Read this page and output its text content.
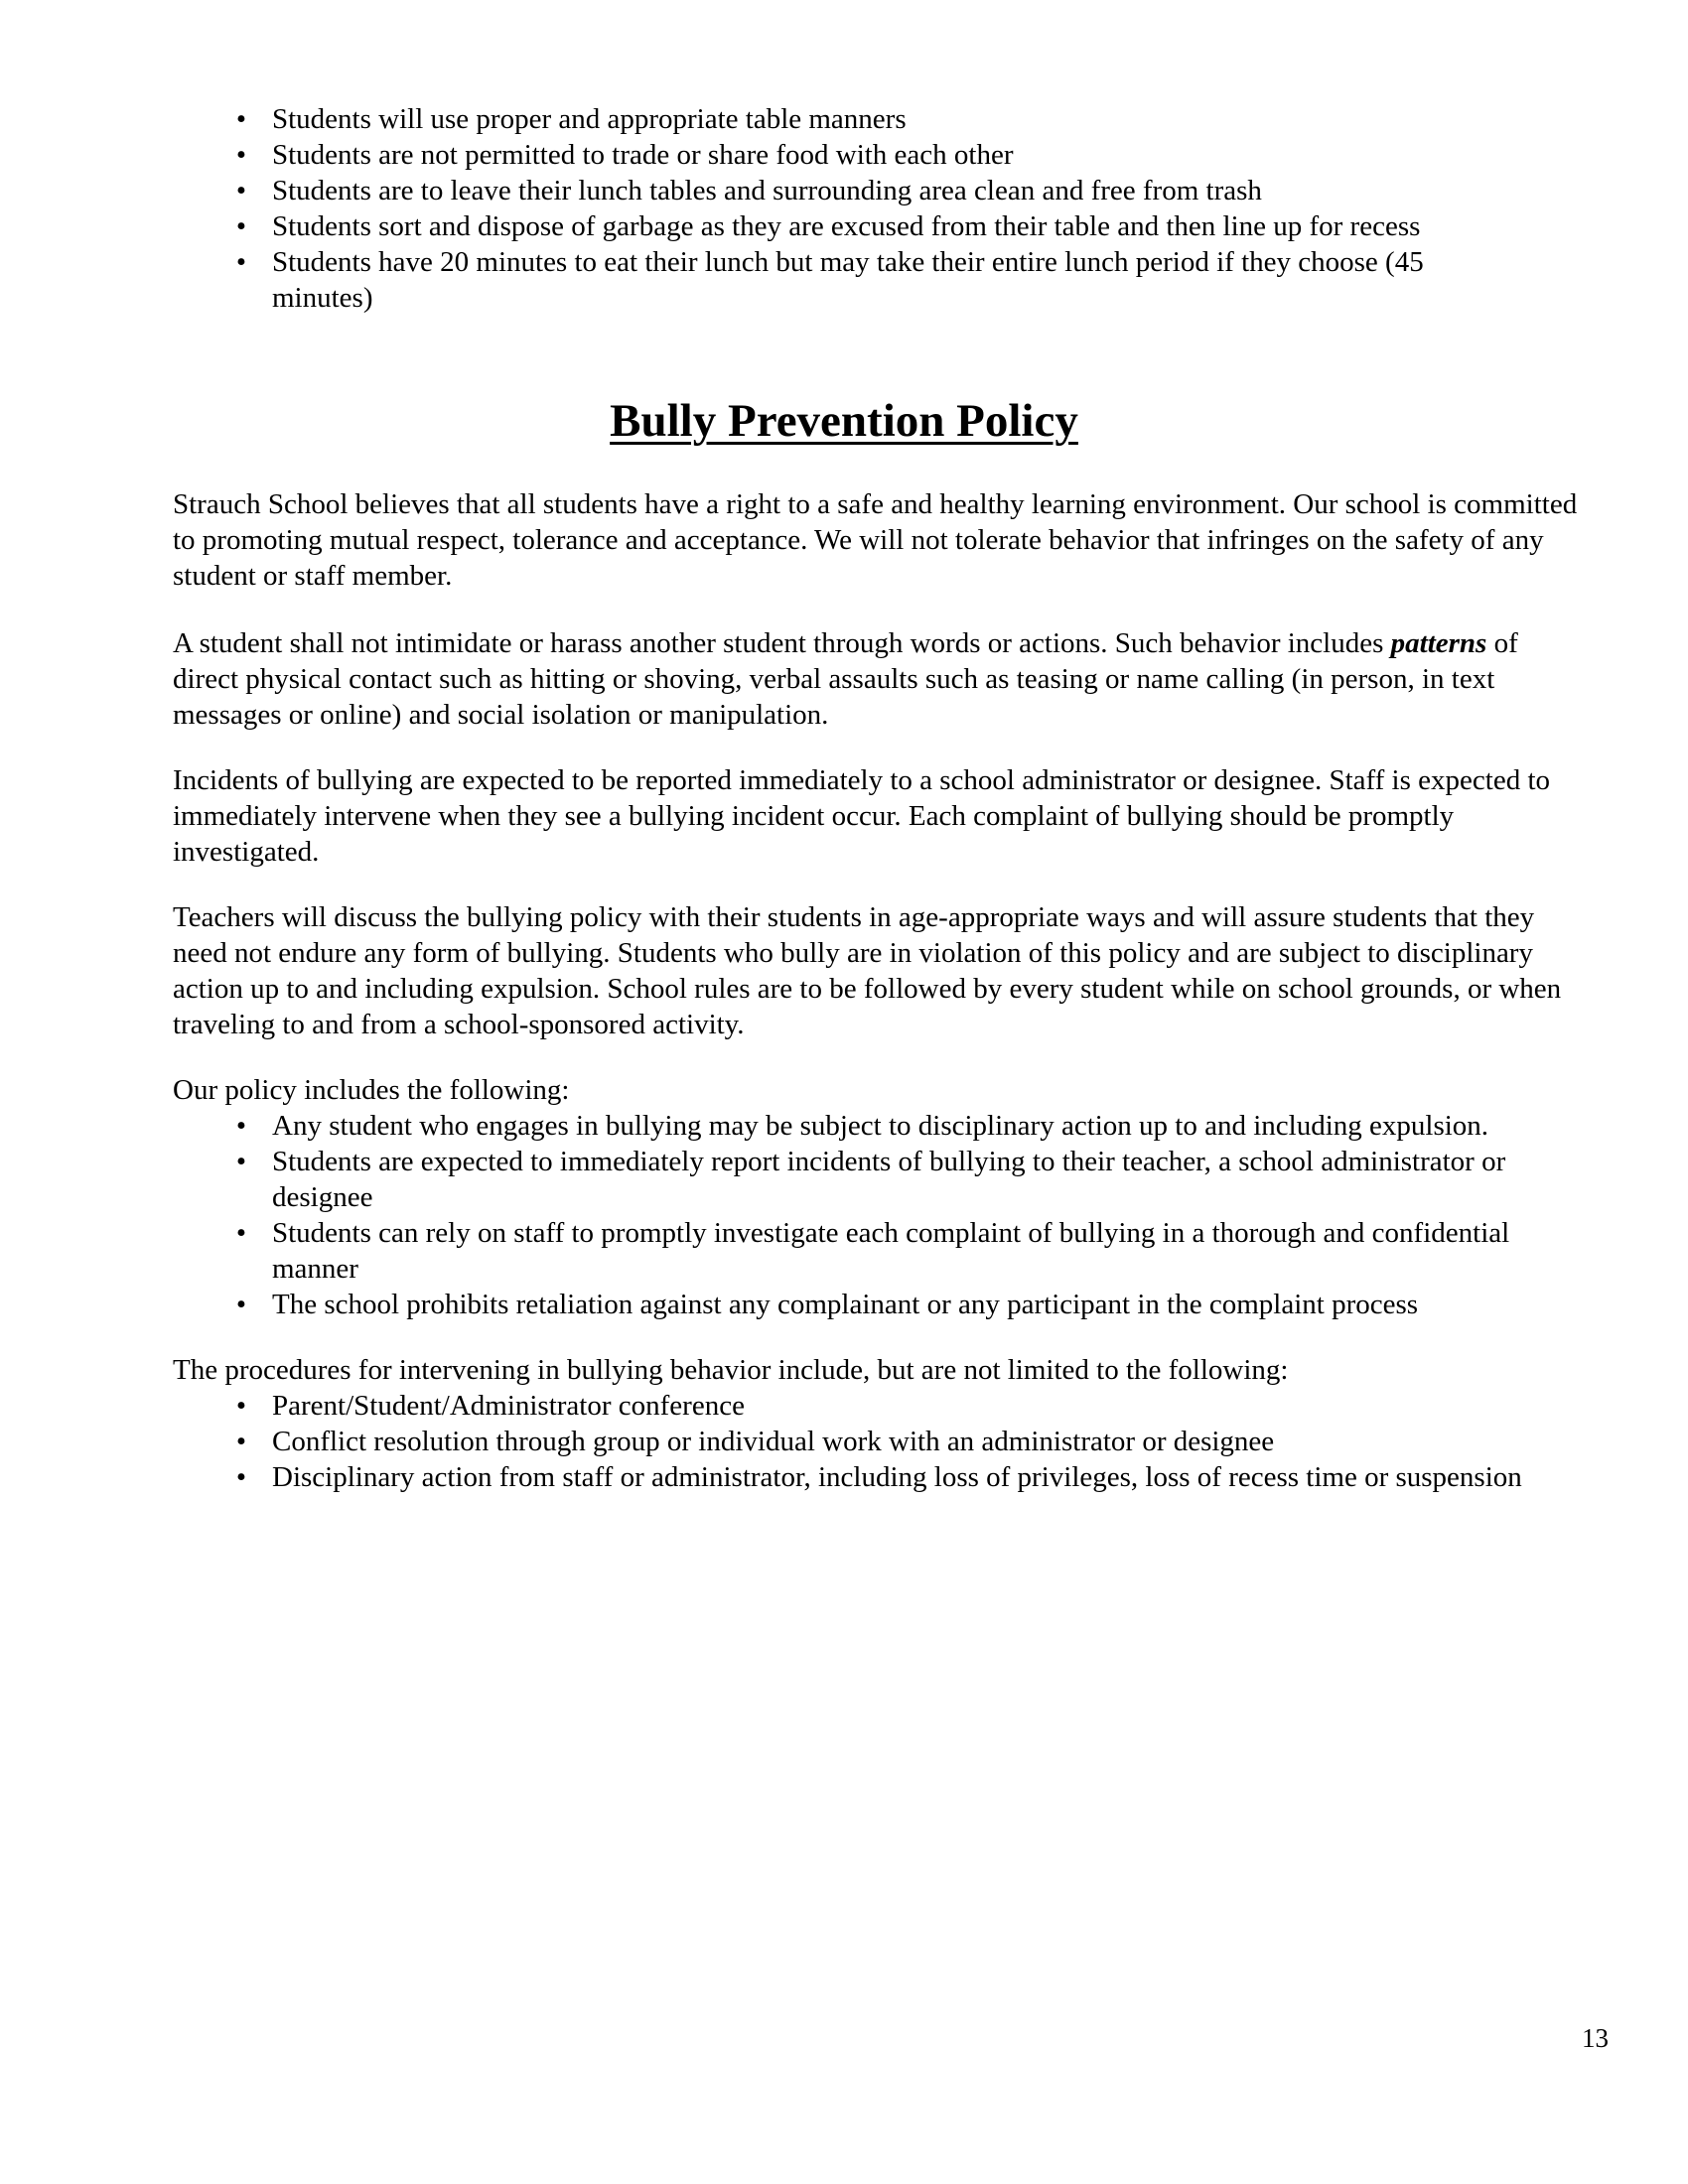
• Students will use proper and appropriate table manners
• Students are not permitted to trade or share food with each other
• Students are to leave their lunch tables and surrounding area clean and free from trash
• Students sort and dispose of garbage as they are excused from their table and then line up for recess
• Students have 20 minutes to eat their lunch but may take their entire lunch period if they choose (45 minutes)
Bully Prevention Policy

Strauch School believes that all students have a right to a safe and healthy learning environment. Our school is committed to promoting mutual respect, tolerance and acceptance. We will not tolerate behavior that infringes on the safety of any student or staff member.

A student shall not intimidate or harass another student through words or actions. Such behavior includes patterns of direct physical contact such as hitting or shoving, verbal assaults such as teasing or name calling (in person, in text messages or online) and social isolation or manipulation.

Incidents of bullying are expected to be reported immediately to a school administrator or designee. Staff is expected to immediately intervene when they see a bullying incident occur. Each complaint of bullying should be promptly investigated.

Teachers will discuss the bullying policy with their students in age-appropriate ways and will assure students that they need not endure any form of bullying. Students who bully are in violation of this policy and are subject to disciplinary action up to and including expulsion. School rules are to be followed by every student while on school grounds, or when traveling to and from a school-sponsored activity.

Our policy includes the following:

• Any student who engages in bullying may be subject to disciplinary action up to and including expulsion.
• Students are expected to immediately report incidents of bullying to their teacher, a school administrator or designee
• Students can rely on staff to promptly investigate each complaint of bullying in a thorough and confidential manner
• The school prohibits retaliation against any complainant or any participant in the complaint process

The procedures for intervening in bullying behavior include, but are not limited to the following:

• Parent/Student/Administrator conference
• Conflict resolution through group or individual work with an administrator or designee
• Disciplinary action from staff or administrator, including loss of privileges, loss of recess time or suspension
13
